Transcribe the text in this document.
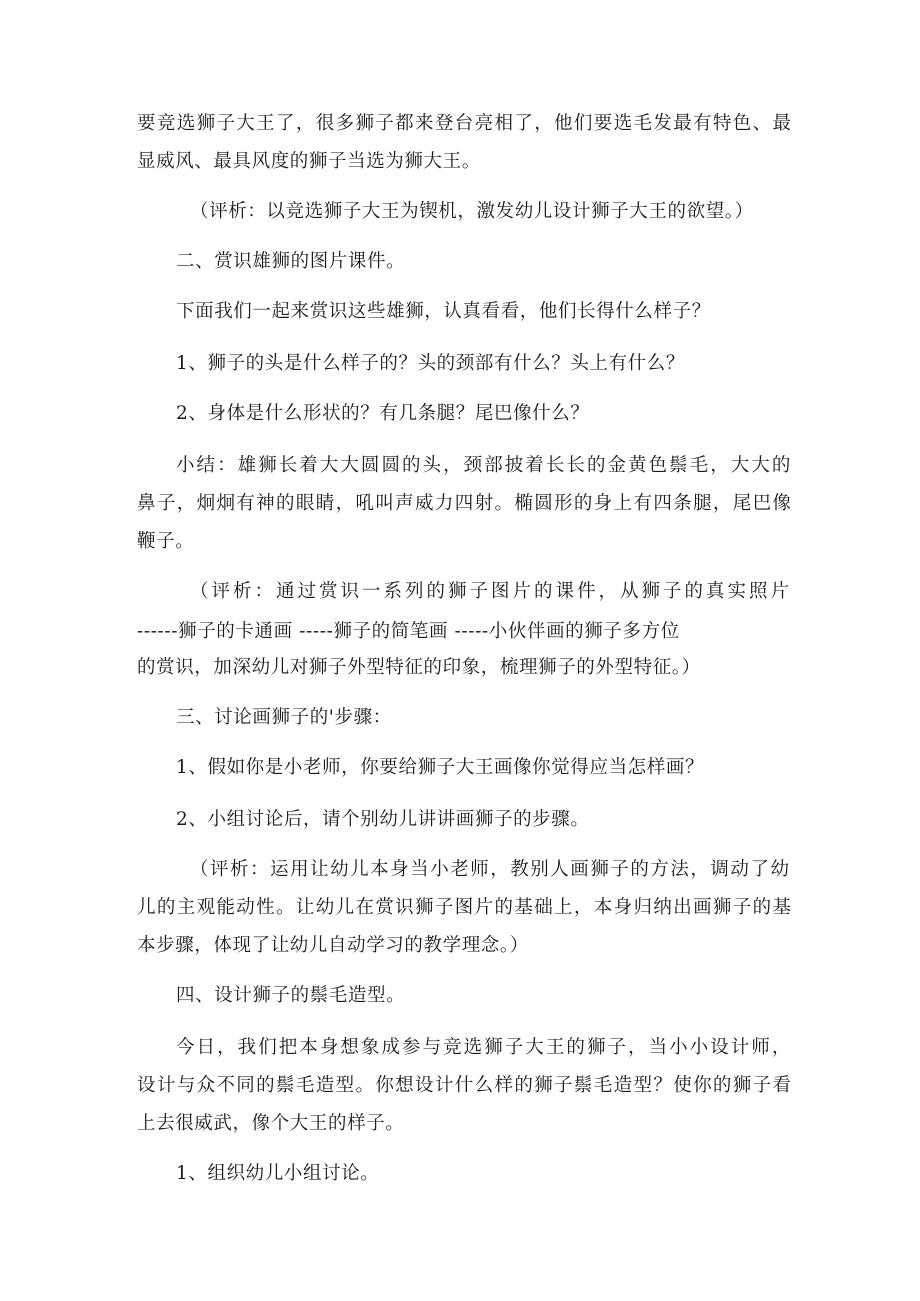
要 竞 选 狮 子 大 王 了 ， 很 多 狮 子 都 来 登 台 亮 相 了 ， 他 们 要 选 毛 发 最 有 特 色 、 最
显威风、最具风度的狮子当选为狮大王。
（评析：以竞选狮子大王为锲机，激发幼儿设计狮子大王的欲望。）
二、赏识雄狮的图片课件。
下面我们一起来赏识这些雄狮，认真看看，他们长得什么样子？
1、狮子的头是什么样子的？头的颈部有什么？头上有什么？
2、身体是什么形状的？有几条腿？尾巴像什么？
小 结 ： 雄 狮 长 着 大 大 圆 圆 的 头 ， 颈 部 披 着 长 长 的 金 黄 色 鬃 毛 ， 大 大 的
鼻 子 ， 炯 炯 有 神 的 眼 睛 ， 吼 叫 声 威 力 四 射 。 椭 圆 形 的 身 上 有 四 条 腿 ， 尾 巴 像
鞭子。
（ 评 析 ： 通 过 赏 识 一 系 列 的 狮 子 图 片 的 课 件 ， 从 狮 子 的 真 实 照 片
------狮子的卡通画 -----狮子的简笔画 -----小伙伴画的狮子多方位
的赏识，加深幼儿对狮子外型特征的印象，梳理狮子的外型特征。）
三、讨论画狮子的'步骤：
1、假如你是小老师，你要给狮子大王画像你觉得应当怎样画？
2、小组讨论后，请个别幼儿讲讲画狮子的步骤。
（ 评 析 ： 运 用 让 幼 儿 本 身 当 小 老 师 ， 教 别 人 画 狮 子 的 方 法 ， 调 动 了 幼
儿 的 主 观 能 动 性 。 让 幼 儿 在 赏 识 狮 子 图 片 的 基 础 上 ， 本 身 归 纳 出 画 狮 子 的 基
本步骤，体现了让幼儿自动学习的教学理念。）
四、设计狮子的鬃毛造型。
今 日 ， 我 们 把 本 身 想 象 成 参 与 竞 选 狮 子 大 王 的 狮 子 ， 当 小 小 设 计 师 ，
设 计 与 众 不 同 的 鬃 毛 造 型 。 你 想 设 计 什 么 样 的 狮 子 鬃 毛 造 型 ？ 使 你 的 狮 子 看
上去很威武，像个大王的样子。
1、组织幼儿小组讨论。
